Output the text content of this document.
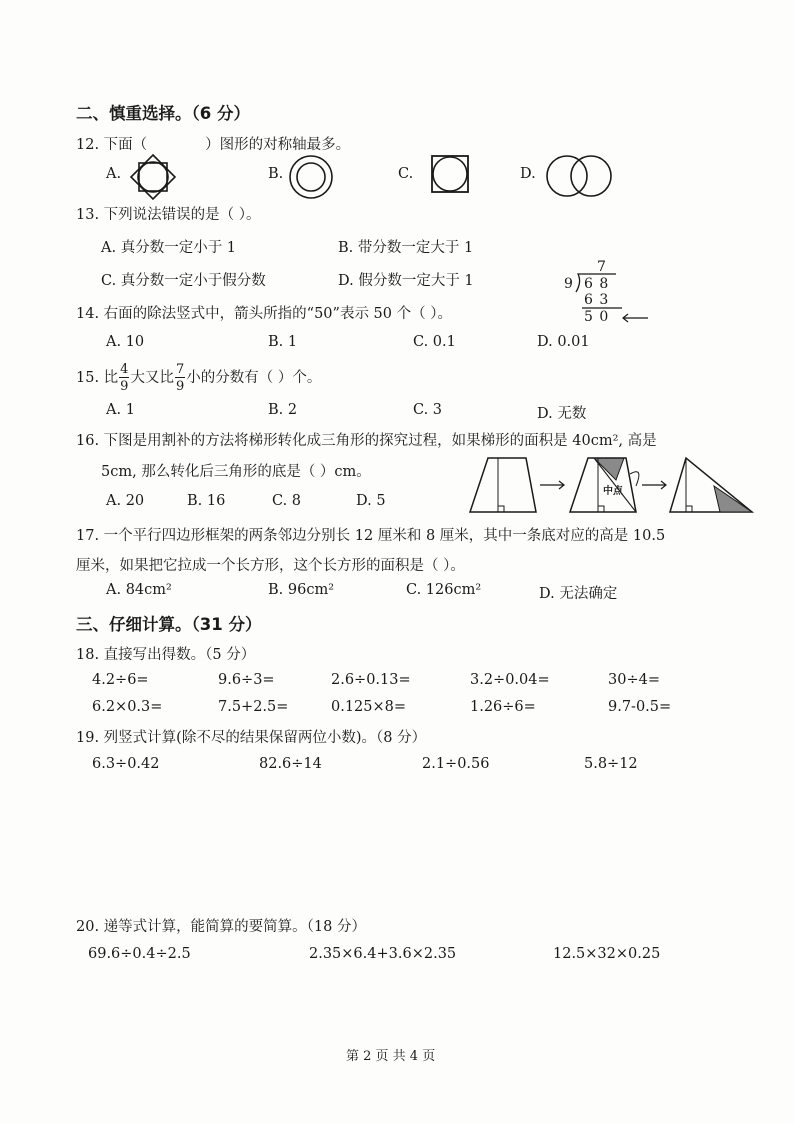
二、慎重选择。（6 分）
12. 下面（	）图形的对称轴最多。
A.	B.	C.	D.
13. 下列说法错误的是（ ）。
A. 真分数一定小于 1	B. 带分数一定大于 1
C. 真分数一定小于假分数	D. 假分数一定大于 1
7
9 6 8
6 3
5 0
14. 右面的除法竖式中，箭头所指的“50”表示 50 个（ ）。
A. 10	B. 1	C. 0.1	D. 0.01
15. 比 $\frac{4}{9}$ 大又比 $\frac{7}{9}$ 小的分数有（ ）个。
A. 1	B. 2	C. 3	D. 无数
16. 下图是用割补的方法将梯形转化成三角形的探究过程，如果梯形的面积是 40cm², 高是
5cm, 那么转化后三角形的底是（ ）cm。
A. 20	B. 16	C. 8	D. 5
中点
17. 一个平行四边形框架的两条邻边分别长 12 厘米和 8 厘米，其中一条底对应的高是 10.5
厘米，如果把它拉成一个长方形，这个长方形的面积是（ ）。
A. 84cm²	B. 96cm²	C. 126cm²	D. 无法确定
三、仔细计算。（31 分）
18. 直接写出得数。（5 分）
4.2÷6=	9.6÷3=	2.6÷0.13=	3.2÷0.04=	30÷4=
6.2×0.3=	7.5+2.5=	0.125×8=	1.26÷6=	9.7-0.5=
19. 列竖式计算(除不尽的结果保留两位小数)。（8 分）
6.3÷0.42	82.6÷14	2.1÷0.56	5.8÷12
20. 递等式计算，能简算的要简算。（18 分）
69.6÷0.4÷2.5	2.35×6.4+3.6×2.35	12.5×32×0.25
第 2 页 共 4 页
